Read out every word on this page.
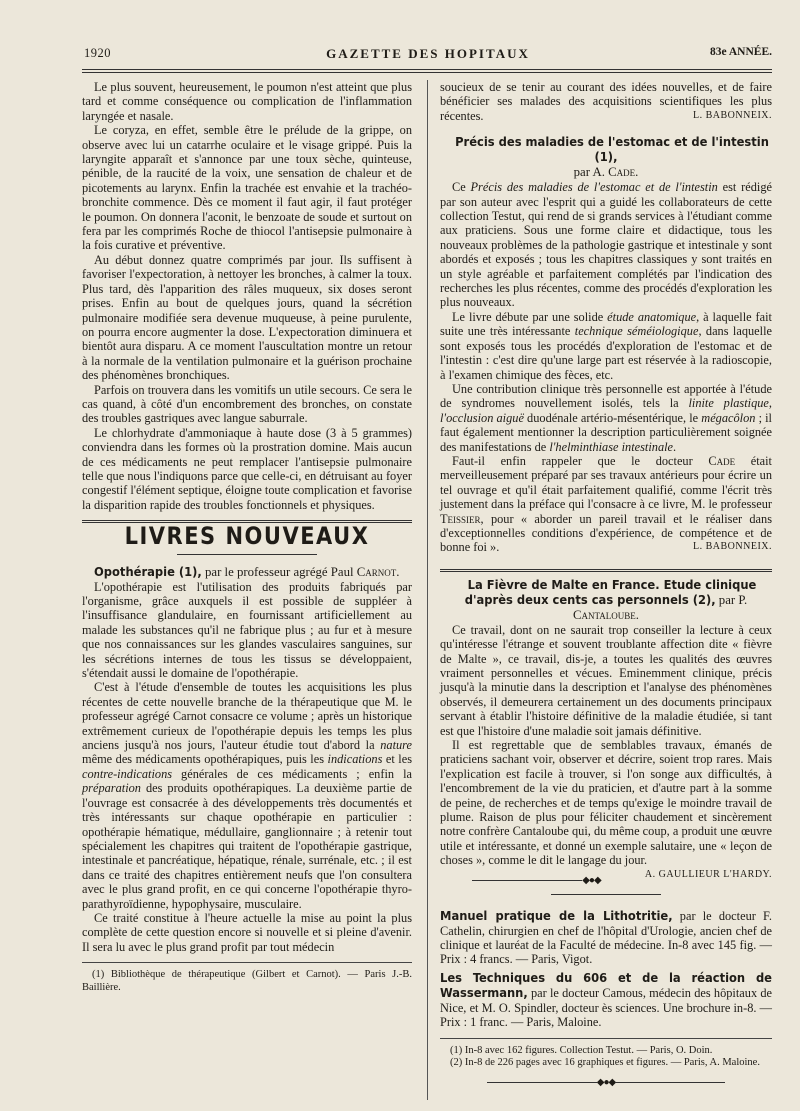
1920	GAZETTE DES HOPITAUX	83e ANNÉE.

Le plus souvent, heureusement, le poumon n'est atteint que plus tard et comme conséquence ou complication de l'inflammation laryngée et nasale.

Le coryza, en effet, semble être le prélude de la grippe, on observe avec lui un catarrhe oculaire et le visage grippé. Puis la laryngite apparaît et s'annonce par une toux sèche, quinteuse, pénible, de la raucité de la voix, une sensation de chaleur et de picotements au larynx. Enfin la trachée est envahie et la trachéo-bronchite commence. Dès ce moment il faut agir, il faut protéger le poumon. On donnera l'aconit, le benzoate de soude et surtout on fera par les comprimés Roche de thiocol l'antisepsie pulmonaire à la fois curative et préventive.

Au début donnez quatre comprimés par jour. Ils suffisent à favoriser l'expectoration, à nettoyer les bronches, à calmer la toux. Plus tard, dès l'apparition des râles muqueux, six doses seront prises. Enfin au bout de quelques jours, quand la sécrétion pulmonaire modifiée sera devenue muqueuse, à peine purulente, on pourra encore augmenter la dose. L'expectoration diminuera et bientôt aura disparu. A ce moment l'auscultation montre un retour à la normale de la ventilation pulmonaire et la guérison prochaine des phénomènes bronchiques.

Parfois on trouvera dans les vomitifs un utile secours. Ce sera le cas quand, à côté d'un encombrement des bronches, on constate des troubles gastriques avec langue saburrale.

Le chlorhydrate d'ammoniaque à haute dose (3 à 5 grammes) conviendra dans les formes où la prostration domine. Mais aucun de ces médicaments ne peut remplacer l'antisepsie pulmonaire telle que nous l'indiquons parce que celle-ci, en détruisant au foyer congestif l'élément septique, éloigne toute complication et favorise la disparition rapide des troubles fonctionnels et physiques.

LIVRES NOUVEAUX

Opothérapie (1), par le professeur agrégé Paul Carnot.

L'opothérapie est l'utilisation des produits fabriqués par l'organisme, grâce auxquels il est possible de suppléer à l'insuffisance glandulaire, en fournissant artificiellement au malade les substances qu'il ne fabrique plus ; au fur et à mesure que nos connaissances sur les glandes vasculaires sanguines, sur les sécrétions internes de tous les tissus se développaient, s'étendait aussi le domaine de l'opothérapie.

C'est à l'étude d'ensemble de toutes les acquisitions les plus récentes de cette nouvelle branche de la thérapeutique que M. le professeur agrégé Carnot consacre ce volume ; après un historique extrêmement curieux de l'opothérapie depuis les temps les plus anciens jusqu'à nos jours, l'auteur étudie tout d'abord la nature même des médicaments opothérapiques, puis les indications et les contre-indications générales de ces médicaments ; enfin la préparation des produits opothérapiques. La deuxième partie de l'ouvrage est consacrée à des développements très documentés et très intéressants sur chaque opothérapie en particulier : opothérapie hématique, médullaire, ganglionnaire ; à retenir tout spécialement les chapitres qui traitent de l'opothérapie gastrique, intestinale et pancréatique, hépatique, rénale, surrénale, etc. ; il est dans ce traité des chapitres entièrement neufs que l'on consultera avec le plus grand profit, en ce qui concerne l'opothérapie thyro-parathyroïdienne, hypophysaire, musculaire.

Ce traité constitue à l'heure actuelle la mise au point la plus complète de cette question encore si nouvelle et si pleine d'avenir. Il sera lu avec le plus grand profit par tout médecin

(1) Bibliothèque de thérapeutique (Gilbert et Carnot). — Paris J.-B. Baillière.

soucieux de se tenir au courant des idées nouvelles, et de faire bénéficier ses malades des acquisitions scientifiques les plus récentes.	L. BABONNEIX.

Précis des maladies de l'estomac et de l'intestin (1),
par A. Cade.

Ce Précis des maladies de l'estomac et de l'intestin est rédigé par son auteur avec l'esprit qui a guidé les collaborateurs de cette collection Testut, qui rend de si grands services à l'étudiant comme aux praticiens. Sous une forme claire et didactique, tous les nouveaux problèmes de la pathologie gastrique et intestinale y sont abordés et exposés ; tous les chapitres classiques y sont traités en un style agréable et parfaitement complétés par l'indication des recherches les plus récentes, comme des procédés d'exploration les plus nouveaux.

Le livre débute par une solide étude anatomique, à laquelle fait suite une très intéressante technique séméiologique, dans laquelle sont exposés tous les procédés d'exploration de l'estomac et de l'intestin : c'est dire qu'une large part est réservée à la radioscopie, à l'examen chimique des fèces, etc.

Une contribution clinique très personnelle est apportée à l'étude de syndromes nouvellement isolés, tels la linite plastique, l'occlusion aiguë duodénale artério-mésentérique, le mégacôlon ; il faut également mentionner la description particulièrement soignée des manifestations de l'helminthiase intestinale.

Faut-il enfin rappeler que le docteur Cade était merveilleusement préparé par ses travaux antérieurs pour écrire un tel ouvrage et qu'il était parfaitement qualifié, comme l'écrit très justement dans la préface qui l'consacre à ce livre, M. le professeur Teissier, pour « aborder un pareil travail et le réaliser dans d'exceptionnelles conditions d'expérience, de compétence et de bonne foi ».	L. BABONNEIX.

La Fièvre de Malte en France. Etude clinique d'après deux cents cas personnels (2), par P. Cantaloube.

Ce travail, dont on ne saurait trop conseiller la lecture à ceux qu'intéresse l'étrange et souvent troublante affection dite « fièvre de Malte », ce travail, dis-je, a toutes les qualités des œuvres vraiment personnelles et vécues. Eminemment clinique, précis jusqu'à la minutie dans la description et l'analyse des phénomènes observés, il demeurera certainement un des documents principaux servant à établir l'histoire définitive de la maladie étudiée, si tant est que l'histoire d'une maladie soit jamais définitive.

Il est regrettable que de semblables travaux, émanés de praticiens sachant voir, observer et décrire, soient trop rares. Mais l'explication est facile à trouver, si l'on songe aux difficultés, à l'encombrement de la vie du praticien, et d'autre part à la somme de peine, de recherches et de temps qu'exige le moindre travail de plume. Raison de plus pour féliciter chaudement et sincèrement notre confrère Cantaloube qui, du même coup, a produit une œuvre utile et intéressante, et donné un exemple salutaire, une « leçon de choses », comme le dit le langage du jour.
A. GAULLIEUR L'HARDY.

◆●◆

Manuel pratique de la Lithotritie, par le docteur F. Cathelin, chirurgien en chef de l'hôpital d'Urologie, ancien chef de clinique et lauréat de la Faculté de médecine. In-8 avec 145 fig. — Prix : 4 francs. — Paris, Vigot.

Les Techniques du 606 et de la réaction de Wassermann, par le docteur Camous, médecin des hôpitaux de Nice, et M. O. Spindler, docteur ès sciences. Une brochure in-8. — Prix : 1 franc. — Paris, Maloine.

(1) In-8 avec 162 figures. Collection Testut. — Paris, O. Doin.

(2) In-8 de 226 pages avec 16 graphiques et figures. — Paris, A. Maloine.

◆●◆
